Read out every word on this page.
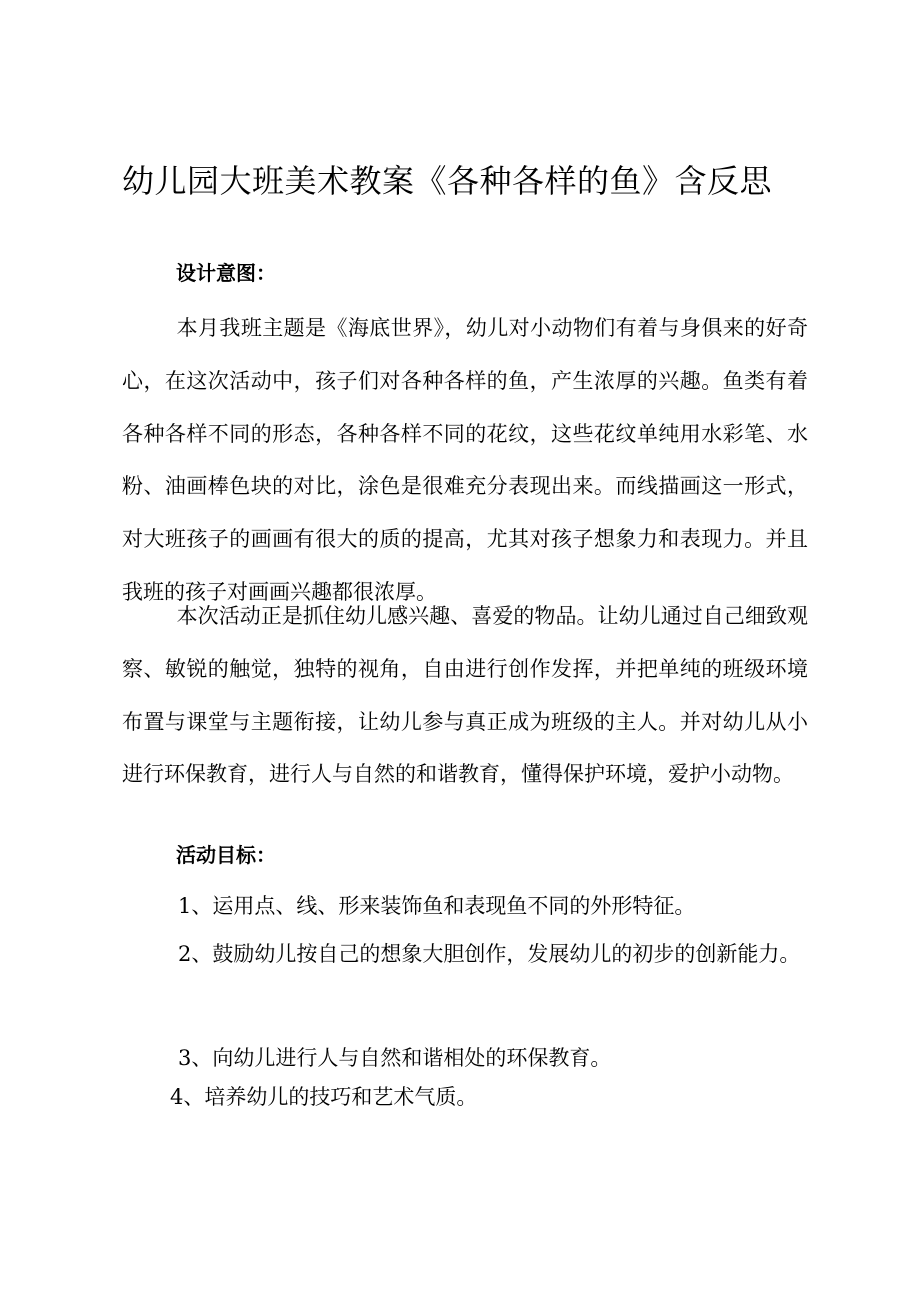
幼儿园大班美术教案《各种各样的鱼》含反思
设计意图：

本月我班主题是《海底世界》，幼儿对小动物们有着与身俱来的好奇心，在这次活动中，孩子们对各种各样的鱼，产生浓厚的兴趣。鱼类有着各种各样不同的形态，各种各样不同的花纹，这些花纹单纯用水彩笔、水粉、油画棒色块的对比，涂色是很难充分表现出来。而线描画这一形式，对大班孩子的画画有很大的质的提高，尤其对孩子想象力和表现力。并且我班的孩子对画画兴趣都很浓厚。

本次活动正是抓住幼儿感兴趣、喜爱的物品。让幼儿通过自己细致观察、敏锐的触觉，独特的视角，自由进行创作发挥，并把单纯的班级环境布置与课堂与主题衔接，让幼儿参与真正成为班级的主人。并对幼儿从小进行环保教育，进行人与自然的和谐教育，懂得保护环境，爱护小动物。

活动目标：

1、运用点、线、形来装饰鱼和表现鱼不同的外形特征。

2、鼓励幼儿按自己的想象大胆创作，发展幼儿的初步的创新能力。

3、向幼儿进行人与自然和谐相处的环保教育。

4、培养幼儿的技巧和艺术气质。
